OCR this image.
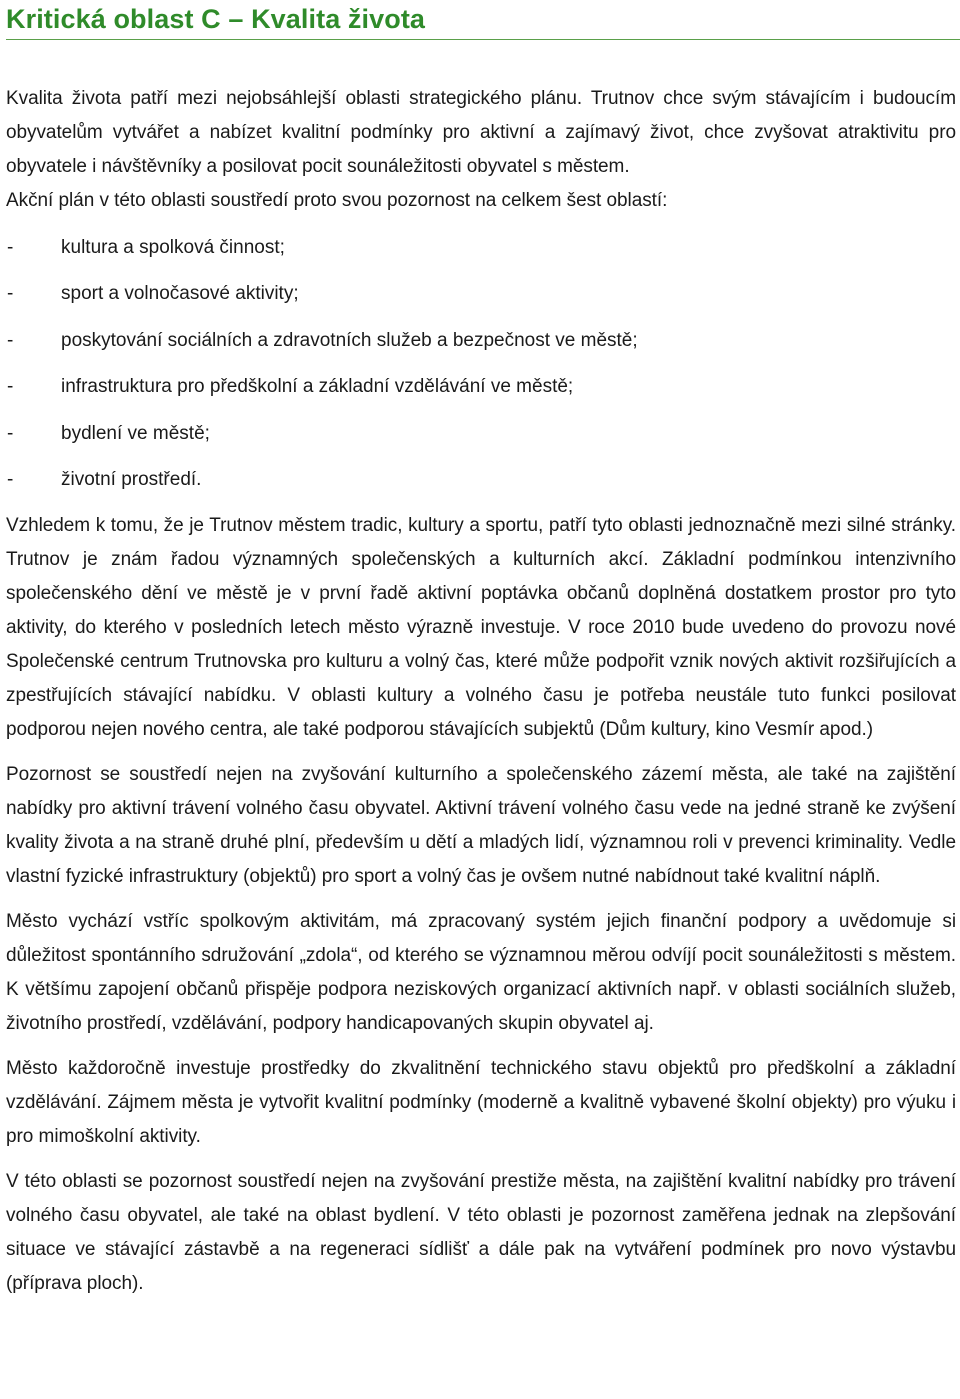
Kritická oblast C – Kvalita života

Kvalita života patří mezi nejobsáhlejší oblasti strategického plánu. Trutnov chce svým stávajícím i budoucím obyvatelům vytvářet a nabízet kvalitní podmínky pro aktivní a zajímavý život, chce zvyšovat atraktivitu pro obyvatele i návštěvníky a posilovat pocit sounáležitosti obyvatel s městem.

Akční plán v této oblasti soustředí proto svou pozornost na celkem šest oblastí:

-	kultura a spolková činnost;
-	sport a volnočasové aktivity;
-	poskytování sociálních a zdravotních služeb a bezpečnost ve městě;
-	infrastruktura pro předškolní a základní vzdělávání ve městě;
-	bydlení ve městě;
-	životní prostředí.

Vzhledem k tomu, že je Trutnov městem tradic, kultury a sportu, patří tyto oblasti jednoznačně mezi silné stránky. Trutnov je znám řadou významných společenských a kulturních akcí. Základní podmínkou intenzivního společenského dění ve městě je v první řadě aktivní poptávka občanů doplněná dostatkem prostor pro tyto aktivity, do kterého v posledních letech město výrazně investuje. V roce 2010 bude uvedeno do provozu nové Společenské centrum Trutnovska pro kulturu a volný čas, které může podpořit vznik nových aktivit rozšiřujících a zpestřujících stávající nabídku. V oblasti kultury a volného času je potřeba neustále tuto funkci posilovat podporou nejen nového centra, ale také podporou stávajících subjektů (Dům kultury, kino Vesmír apod.)

Pozornost se soustředí nejen na zvyšování kulturního a společenského zázemí města, ale také na zajištění nabídky pro aktivní trávení volného času obyvatel. Aktivní trávení volného času vede na jedné straně ke zvýšení kvality života a na straně druhé plní, především u dětí a mladých lidí, významnou roli v prevenci kriminality. Vedle vlastní fyzické infrastruktury (objektů) pro sport a volný čas je ovšem nutné nabídnout také kvalitní náplň.

Město vychází vstříc spolkovým aktivitám, má zpracovaný systém jejich finanční podpory a uvědomuje si důležitost spontánního sdružování „zdola“, od kterého se významnou měrou odvíjí pocit sounáležitosti s městem. K většímu zapojení občanů přispěje podpora neziskových organizací aktivních např. v oblasti sociálních služeb, životního prostředí, vzdělávání, podpory handicapovaných skupin obyvatel aj.

Město každoročně investuje prostředky do zkvalitnění technického stavu objektů pro předškolní a základní vzdělávání. Zájmem města je vytvořit kvalitní podmínky (moderně a kvalitně vybavené školní objekty) pro výuku i pro mimoškolní aktivity.

V této oblasti se pozornost soustředí nejen na zvyšování prestiže města, na zajištění kvalitní nabídky pro trávení volného času obyvatel, ale také na oblast bydlení. V této oblasti je pozornost zaměřena jednak na zlepšování situace ve stávající zástavbě a na regeneraci sídlišť a dále pak na vytváření podmínek pro novo výstavbu (příprava ploch).
